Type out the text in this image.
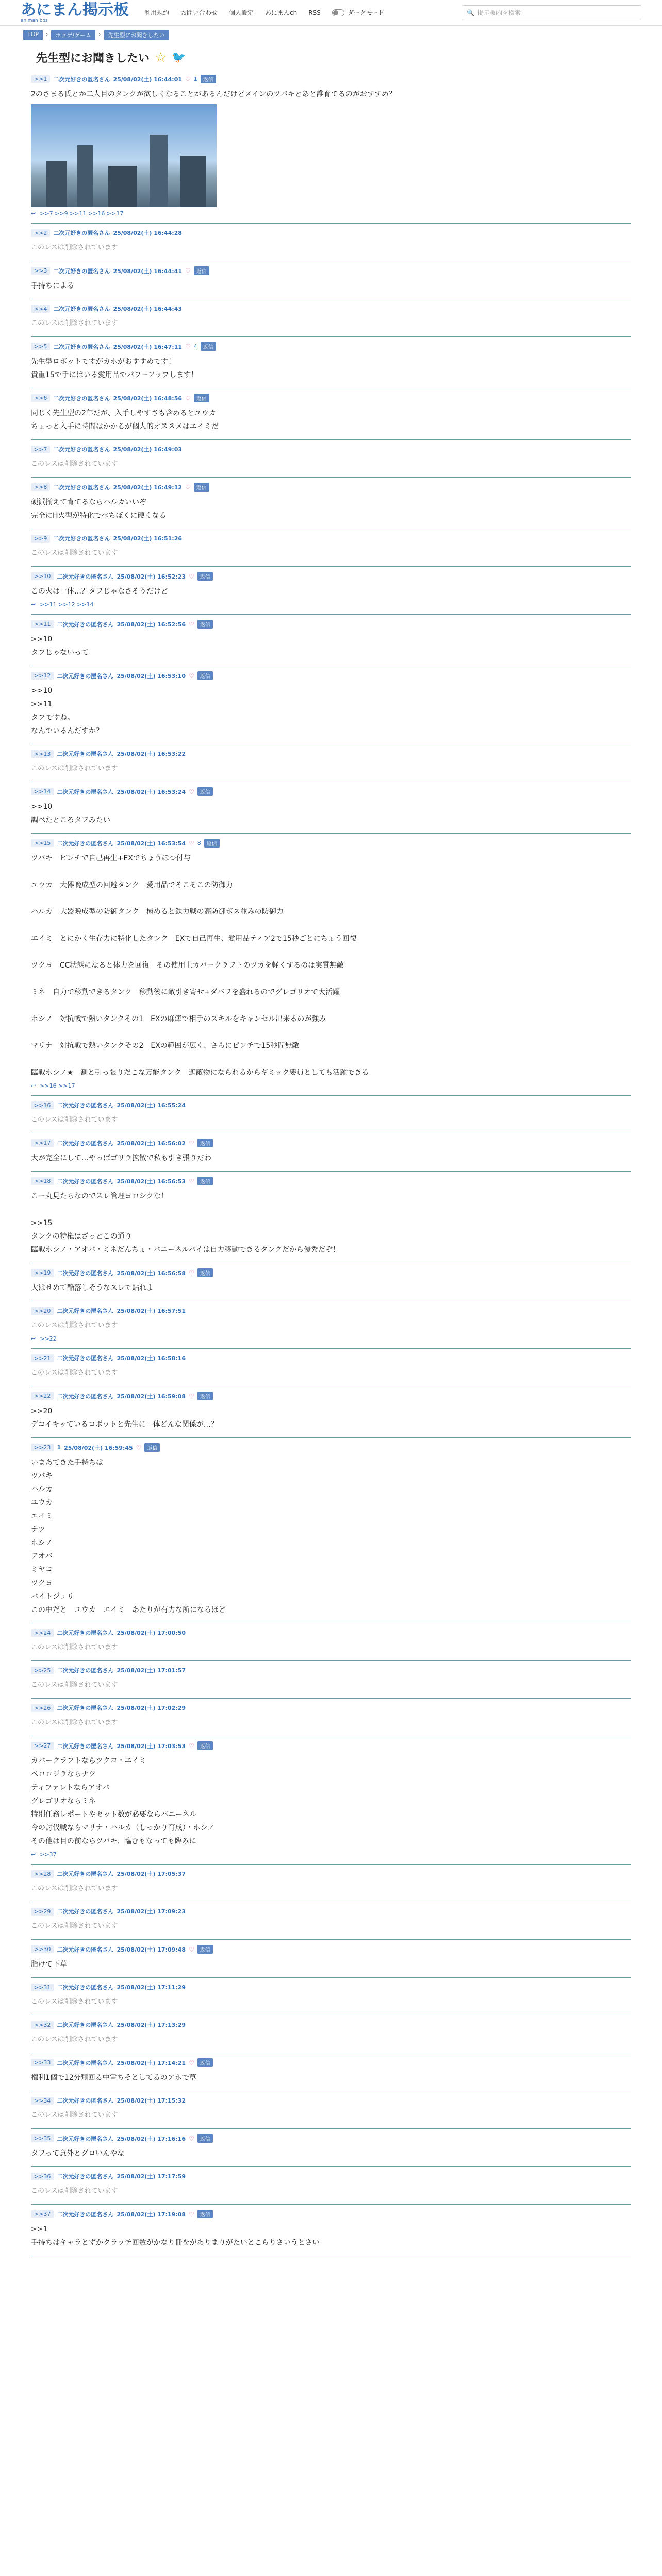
あにまん掲示板
animan bbs
利用規約 お問い合わせ 個人設定 あにまんch RSS	ダークモード	🔍 掲示板内を検索
TOP	›	ホラゲ/ゲーム	›	先生型にお聞きしたい
先生型にお聞きしたい ☆ 🐦
>>1	二次元好きの匿名さん 25/08/02(土) 16:44:01 ♡ 1	返信
2のさまる氏とか二人目のタンクが欲しくなることがあるんだけどメインのツバキとあと誰育てるのがおすすめ？
↩ >>7 >>9 >>11 >>16 >>17
>>2	二次元好きの匿名さん 25/08/02(土) 16:44:28
このレスは削除されています
>>3	二次元好きの匿名さん 25/08/02(土) 16:44:41 ♡	返信
手持ちによる
>>4	二次元好きの匿名さん 25/08/02(土) 16:44:43
このレスは削除されています
>>5	二次元好きの匿名さん 25/08/02(土) 16:47:11 ♡ 4	返信
先生型ロボットですがカホがおすすめです！
貴重15で手にはいる愛用品でパワーアップします！
>>6	二次元好きの匿名さん 25/08/02(土) 16:48:56 ♡	返信
同じく先生型の2年だが、入手しやすさも含めるとユウカ
ちょっと入手に時間はかかるが個人的オススメはエイミだ
>>7	二次元好きの匿名さん 25/08/02(土) 16:49:03
このレスは削除されています
>>8	二次元好きの匿名さん 25/08/02(土) 16:49:12 ♡	返信
硬派揃えて育てるならハルカいいぞ
完全にH火型が特化でぺちぼくに硬くなる
>>9	二次元好きの匿名さん 25/08/02(土) 16:51:26
このレスは削除されています
>>10	二次元好きの匿名さん 25/08/02(土) 16:52:23 ♡	返信
この火は一体…？タフじゃなさそうだけど
↩ >>11 >>12 >>14
>>11	二次元好きの匿名さん 25/08/02(土) 16:52:56 ♡	返信
>>10
タフじゃないって
>>12	二次元好きの匿名さん 25/08/02(土) 16:53:10 ♡	返信
>>10
>>11
タフですね。
なんでいるんだすか？
>>13	二次元好きの匿名さん 25/08/02(土) 16:53:22
このレスは削除されています
>>14	二次元好きの匿名さん 25/08/02(土) 16:53:24 ♡	返信
>>10
調べたところタフみたい
>>15	二次元好きの匿名さん 25/08/02(土) 16:53:54 ♡ 8	返信
ツバキ　ピンチで自己再生+EXでちょうほつ付与

ユウカ　大器晩成型の回避タンク　愛用品でそこそこの防御力

ハルカ　大器晩成型の防御タンク　極めると鉄力戦の高防御ボス並みの防御力

エイミ　とにかく生存力に特化したタンク　EXで自己再生、愛用品ティア2で15秒ごとにちょう回復

ツクヨ　CC状態になると体力を回復　その使用上カバークラフトのツカを軽くするのは実質無敵

ミネ　自力で移動できるタンク　移動後に敵引き寄せ+ダバフを盛れるのでグレゴリオで大活躍

ホシノ　対抗戦で熱いタンクその1　EXの麻痺で相手のスキルをキャンセル出来るのが強み

マリナ　対抗戦で熱いタンクその2　EXの範囲が広く、さらにピンチで15秒間無敵

臨戦ホシノ★　割と引っ張りだこな万能タンク　遮蔽物になられるからギミック要員としても活躍できる
↩ >>16 >>17
>>16	二次元好きの匿名さん 25/08/02(土) 16:55:24
このレスは削除されています
>>17	二次元好きの匿名さん 25/08/02(土) 16:56:02 ♡	返信
大が完全にして…やっぱゴリラ拡散で私も引き張りだわ
>>18	二次元好きの匿名さん 25/08/02(土) 16:56:53 ♡	返信
こー丸見たらなのでスレ管理ヨロシクな！

>>15
タンクの特権はざっとこの通り
臨戦ホシノ・アオバ・ミネだんちょ・バニーネルバイは自力移動できるタンクだから優秀だぞ！
>>19	二次元好きの匿名さん 25/08/02(土) 16:56:58 ♡	返信
大はせめて酷落しそうなスレで貼れよ
>>20	二次元好きの匿名さん 25/08/02(土) 16:57:51
このレスは削除されています
↩ >>22
>>21	二次元好きの匿名さん 25/08/02(土) 16:58:16
このレスは削除されています
>>22	二次元好きの匿名さん 25/08/02(土) 16:59:08 ♡	返信
>>20
デコイキッているロボットと先生に一体どんな関係が…？
>>23	1 25/08/02(土) 16:59:45 ♡	返信
いまあてきた手持ちは
ツバキ
ハルカ
ユウカ
エイミ
ナツ
ホシノ
アオバ
ミヤコ
ツクヨ
バイトジュリ
この中だと　ユウカ　エイミ　あたりが有力な所になるほど
>>24	二次元好きの匿名さん 25/08/02(土) 17:00:50
このレスは削除されています
>>25	二次元好きの匿名さん 25/08/02(土) 17:01:57
このレスは削除されています
>>26	二次元好きの匿名さん 25/08/02(土) 17:02:29
このレスは削除されています
>>27	二次元好きの匿名さん 25/08/02(土) 17:03:53 ♡	返信
カバークラフトならツクヨ・エイミ
ペロロジラならナツ
ティファレトならアオバ
グレゴリオならミネ
特別任務レポートやセット数が必要ならバニーネル
今の討伐戦ならマリナ・ハルカ（しっかり育成）・ホシノ
その他は目の前ならツバキ、臨むもなっても臨みに
↩ >>37
>>28	二次元好きの匿名さん 25/08/02(土) 17:05:37
このレスは削除されています
>>29	二次元好きの匿名さん 25/08/02(土) 17:09:23
このレスは削除されています
>>30	二次元好きの匿名さん 25/08/02(土) 17:09:48 ♡	返信
脂けて下草
>>31	二次元好きの匿名さん 25/08/02(土) 17:11:29
このレスは削除されています
>>32	二次元好きの匿名さん 25/08/02(土) 17:13:29
このレスは削除されています
>>33	二次元好きの匿名さん 25/08/02(土) 17:14:21 ♡	返信
権利1個で12分類回る中雪ちそとしてるのアホで草
>>34	二次元好きの匿名さん 25/08/02(土) 17:15:32
このレスは削除されています
>>35	二次元好きの匿名さん 25/08/02(土) 17:16:16 ♡	返信
タフって意外とグロいんやな
>>36	二次元好きの匿名さん 25/08/02(土) 17:17:59
このレスは削除されています
>>37	二次元好きの匿名さん 25/08/02(土) 17:19:08 ♡	返信
>>1
手持ちはキャラとずかクラッチ回数がかなり冊をがありまりがたいとこらりさいうとさい
